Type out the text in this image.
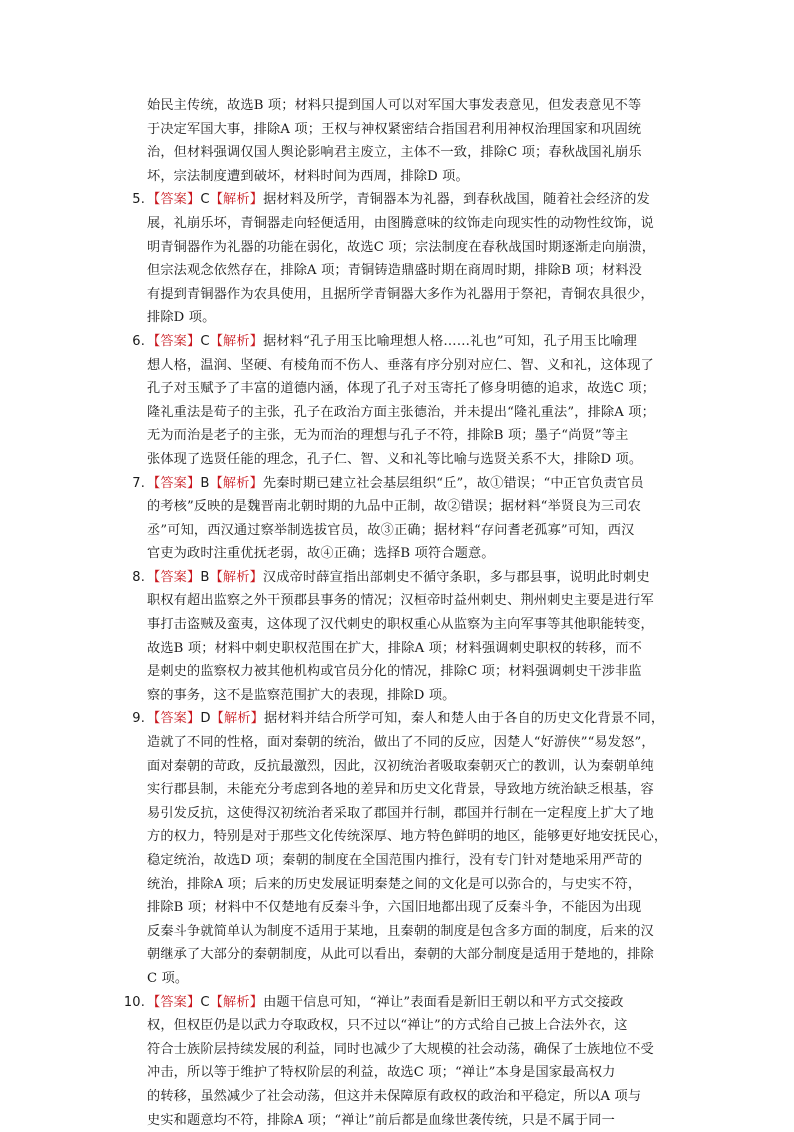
始民主传统，故选B 项；材料只提到国人可以对军国大事发表意见，但发表意见不等
于决定军国大事，排除A 项；王权与神权紧密结合指国君利用神权治理国家和巩固统
治，但材料强调仅国人舆论影响君主废立，主体不一致，排除C 项；春秋战国礼崩乐
坏，宗法制度遭到破坏，材料时间为西周，排除D 项。
5. 【答案】C【解析】据材料及所学，青铜器本为礼器，到春秋战国，随着社会经济的发
展，礼崩乐坏，青铜器走向轻便适用，由图腾意味的纹饰走向现实性的动物性纹饰，说
明青铜器作为礼器的功能在弱化，故选C 项；宗法制度在春秋战国时期逐渐走向崩溃，
但宗法观念依然存在，排除A 项；青铜铸造鼎盛时期在商周时期，排除B 项；材料没
有提到青铜器作为农具使用，且据所学青铜器大多作为礼器用于祭祀，青铜农具很少，
排除D 项。
6. 【答案】C【解析】据材料“孔子用玉比喻理想人格……礼也”可知，孔子用玉比喻理
想人格，温润、坚硬、有棱角而不伤人、垂落有序分别对应仁、智、义和礼，这体现了
孔子对玉赋予了丰富的道德内涵，体现了孔子对玉寄托了修身明德的追求，故选C 项；
隆礼重法是荀子的主张，孔子在政治方面主张德治，并未提出“隆礼重法”，排除A 项；
无为而治是老子的主张，无为而治的理想与孔子不符，排除B 项；墨子“尚贤”等主
张体现了选贤任能的理念，孔子仁、智、义和礼等比喻与选贤关系不大，排除D 项。
7. 【答案】B【解析】先秦时期已建立社会基层组织“丘”，故①错误；“中正官负责官员
的考核”反映的是魏晋南北朝时期的九品中正制，故②错误；据材料“举贤良为三司农
丞”可知，西汉通过察举制选拔官员，故③正确；据材料“存问耆老孤寡”可知，西汉
官吏为政时注重优抚老弱，故④正确；选择B 项符合题意。
8. 【答案】B【解析】汉成帝时薛宣指出部刺史不循守条职，多与郡县事，说明此时刺史
职权有超出监察之外干预郡县事务的情况；汉桓帝时益州刺史、荆州刺史主要是进行军
事打击盗贼及蛮夷，这体现了汉代刺史的职权重心从监察为主向军事等其他职能转变，
故选B 项；材料中刺史职权范围在扩大，排除A 项；材料强调刺史职权的转移，而不
是刺史的监察权力被其他机构或官员分化的情况，排除C 项；材料强调刺史干涉非监
察的事务，这不是监察范围扩大的表现，排除D 项。
9. 【答案】D【解析】据材料并结合所学可知，秦人和楚人由于各自的历史文化背景不同，
造就了不同的性格，面对秦朝的统治，做出了不同的反应，因楚人“好游侠”“易发怒”，
面对秦朝的苛政，反抗最激烈，因此，汉初统治者吸取秦朝灭亡的教训，认为秦朝单纯
实行郡县制，未能充分考虑到各地的差异和历史文化背景，导致地方统治缺乏根基，容
易引发反抗，这使得汉初统治者采取了郡国并行制，郡国并行制在一定程度上扩大了地
方的权力，特别是对于那些文化传统深厚、地方特色鲜明的地区，能够更好地安抚民心，
稳定统治，故选D 项；秦朝的制度在全国范围内推行，没有专门针对楚地采用严苛的
统治，排除A 项；后来的历史发展证明秦楚之间的文化是可以弥合的，与史实不符，
排除B 项；材料中不仅楚地有反秦斗争，六国旧地都出现了反秦斗争，不能因为出现
反秦斗争就简单认为制度不适用于某地，且秦朝的制度是包含多方面的制度，后来的汉
朝继承了大部分的秦朝制度，从此可以看出，秦朝的大部分制度是适用于楚地的，排除
C 项。
10. 【答案】C【解析】由题干信息可知，“禅让”表面看是新旧王朝以和平方式交接政
权，但权臣仍是以武力夺取政权，只不过以“禅让”的方式给自己披上合法外衣，这
符合士族阶层持续发展的利益，同时也减少了大规模的社会动荡，确保了士族地位不受
冲击，所以等于维护了特权阶层的利益，故选C 项；“禅让”本身是国家最高权力
的转移，虽然减少了社会动荡，但这并未保障原有政权的政治和平稳定，所以A 项与
史实和题意均不符，排除A 项；“禅让”前后都是血缘世袭传统，只是不属于同一
